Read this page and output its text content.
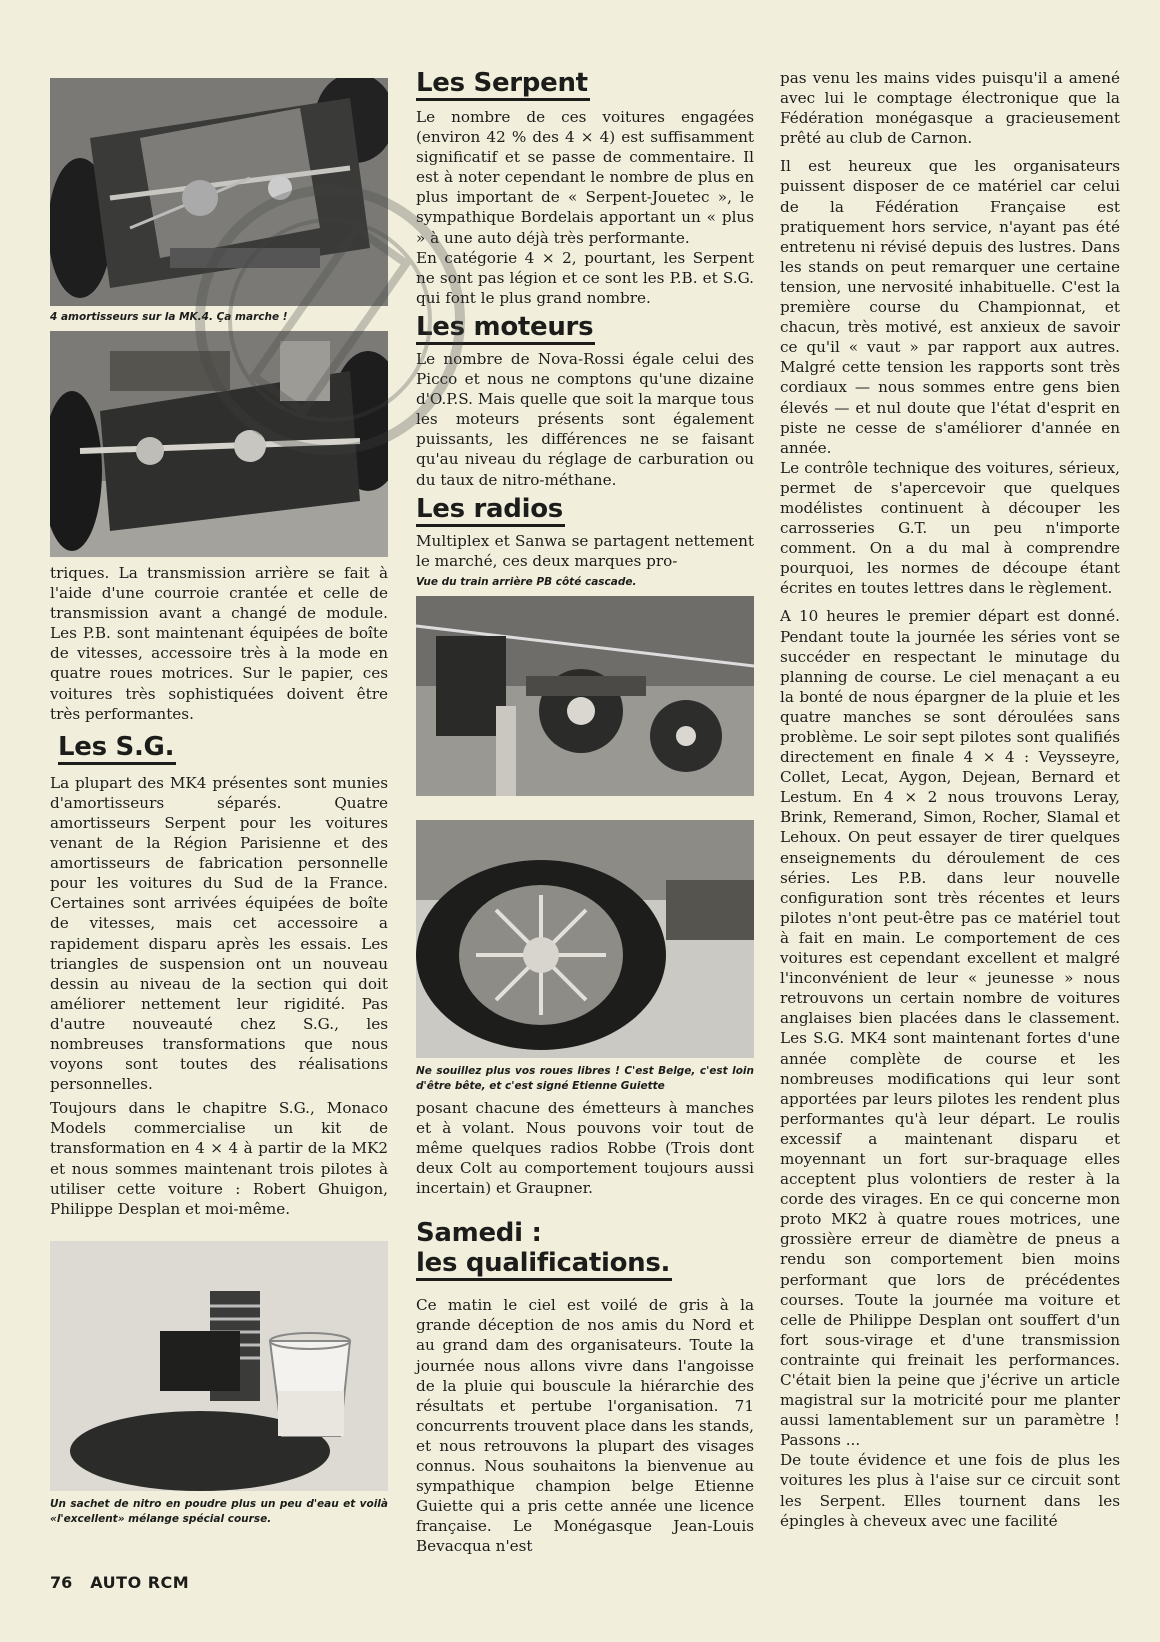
4 amortisseurs sur la MK.4. Ça marche !

triques. La transmission arrière se fait à l'aide d'une courroie crantée et celle de transmission avant a changé de module. Les P.B. sont maintenant équipées de boîte de vitesses, accessoire très à la mode en quatre roues motrices. Sur le papier, ces voitures très sophistiquées doivent être très performantes.

Les S.G.

La plupart des MK4 présentes sont munies d'amortisseurs séparés. Quatre amortisseurs Serpent pour les voitures venant de la Région Parisienne et des amortisseurs de fabrication personnelle pour les voitures du Sud de la France. Certaines sont arrivées équipées de boîte de vitesses, mais cet accessoire a rapidement disparu après les essais. Les triangles de suspension ont un nouveau dessin au niveau de la section qui doit améliorer nettement leur rigidité. Pas d'autre nouveauté chez S.G., les nombreuses transformations que nous voyons sont toutes des réalisations personnelles.

Toujours dans le chapitre S.G., Monaco Models commercialise un kit de transformation en 4 × 4 à partir de la MK2 et nous sommes maintenant trois pilotes à utiliser cette voiture : Robert Ghuigon, Philippe Desplan et moi-même.

Un sachet de nitro en poudre plus un peu d'eau et voilà «l'excellent» mélange spécial course.

Les Serpent

Le nombre de ces voitures engagées (environ 42 % des 4 × 4) est suffisamment significatif et se passe de commentaire. Il est à noter cependant le nombre de plus en plus important de « Serpent-Jouetec », le sympathique Bordelais apportant un « plus » à une auto déjà très performante.

En catégorie 4 × 2, pourtant, les Serpent ne sont pas légion et ce sont les P.B. et S.G. qui font le plus grand nombre.

Les moteurs

Le nombre de Nova-Rossi égale celui des Picco et nous ne comptons qu'une dizaine d'O.P.S. Mais quelle que soit la marque tous les moteurs présents sont également puissants, les différences ne se faisant qu'au niveau du réglage de carburation ou du taux de nitro-méthane.

Les radios

Multiplex et Sanwa se partagent nettement le marché, ces deux marques pro-

Vue du train arrière PB côté cascade.

Ne souillez plus vos roues libres ! C'est Belge, c'est loin d'être bête, et c'est signé Etienne Guiette

posant chacune des émetteurs à manches et à volant. Nous pouvons voir tout de même quelques radios Robbe (Trois dont deux Colt au comportement toujours aussi incertain) et Graupner.

Samedi :
les qualifications.

Ce matin le ciel est voilé de gris à la grande déception de nos amis du Nord et au grand dam des organisateurs. Toute la journée nous allons vivre dans l'angoisse de la pluie qui bouscule la hiérarchie des résultats et pertube l'organisation. 71 concurrents trouvent place dans les stands, et nous retrouvons la plupart des visages connus. Nous souhaitons la bienvenue au sympathique champion belge Etienne Guiette qui a pris cette année une licence française. Le Monégasque Jean-Louis Bevacqua n'est

pas venu les mains vides puisqu'il a amené avec lui le comptage électronique que la Fédération monégasque a gracieusement prêté au club de Carnon.

Il est heureux que les organisateurs puissent disposer de ce matériel car celui de la Fédération Française est pratiquement hors service, n'ayant pas été entretenu ni révisé depuis des lustres. Dans les stands on peut remarquer une certaine tension, une nervosité inhabituelle. C'est la première course du Championnat, et chacun, très motivé, est anxieux de savoir ce qu'il « vaut » par rapport aux autres. Malgré cette tension les rapports sont très cordiaux — nous sommes entre gens bien élevés — et nul doute que l'état d'esprit en piste ne cesse de s'améliorer d'année en année.

Le contrôle technique des voitures, sérieux, permet de s'apercevoir que quelques modélistes continuent à découper les carrosseries G.T. un peu n'importe comment. On a du mal à comprendre pourquoi, les normes de découpe étant écrites en toutes lettres dans le règlement.

A 10 heures le premier départ est donné. Pendant toute la journée les séries vont se succéder en respectant le minutage du planning de course. Le ciel menaçant a eu la bonté de nous épargner de la pluie et les quatre manches se sont déroulées sans problème. Le soir sept pilotes sont qualifiés directement en finale 4 × 4 : Veysseyre, Collet, Lecat, Aygon, Dejean, Bernard et Lestum. En 4 × 2 nous trouvons Leray, Brink, Remerand, Simon, Rocher, Slamal et Lehoux. On peut essayer de tirer quelques enseignements du déroulement de ces séries. Les P.B. dans leur nouvelle configuration sont très récentes et leurs pilotes n'ont peut-être pas ce matériel tout à fait en main. Le comportement de ces voitures est cependant excellent et malgré l'inconvénient de leur « jeunesse » nous retrouvons un certain nombre de voitures anglaises bien placées dans le classement. Les S.G. MK4 sont maintenant fortes d'une année complète de course et les nombreuses modifications qui leur sont apportées par leurs pilotes les rendent plus performantes qu'à leur départ. Le roulis excessif a maintenant disparu et moyennant un fort sur-braquage elles acceptent plus volontiers de rester à la corde des virages. En ce qui concerne mon proto MK2 à quatre roues motrices, une grossière erreur de diamètre de pneus a rendu son comportement bien moins performant que lors de précédentes courses. Toute la journée ma voiture et celle de Philippe Desplan ont souffert d'un fort sous-virage et d'une transmission contrainte qui freinait les performances. C'était bien la peine que j'écrive un article magistral sur la motricité pour me planter aussi lamentablement sur un paramètre ! Passons ...

De toute évidence et une fois de plus les voitures les plus à l'aise sur ce circuit sont les Serpent. Elles tournent dans les épingles à cheveux avec une facilité

76 AUTO RCM
